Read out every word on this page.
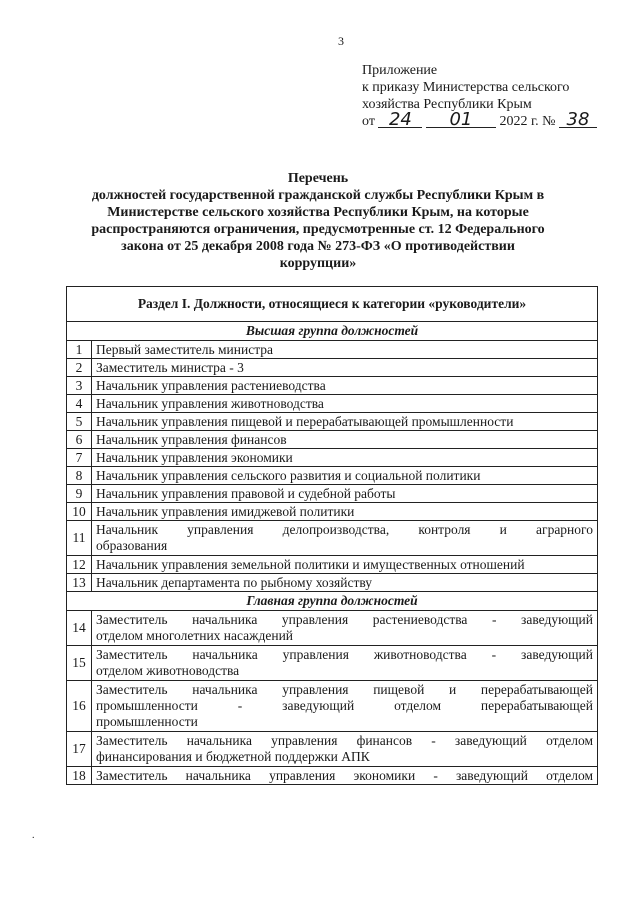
3
Приложение
к приказу Министерства сельского
хозяйства Республики Крым
от 24 01 2022 г. № 38
Перечень
должностей государственной гражданской службы Республики Крым в
Министерстве сельского хозяйства Республики Крым, на которые
распространяются ограничения, предусмотренные ст. 12 Федерального
закона от 25 декабря 2008 года № 273-ФЗ «О противодействии
коррупции»
Раздел I. Должности, относящиеся к категории «руководители»	
Высшая группа должностей	
1	Первый заместитель министра
2	Заместитель министра - 3
3	Начальник управления растениеводства
4	Начальник управления животноводства
5	Начальник управления пищевой и перерабатывающей промышленности
6	Начальник управления финансов
7	Начальник управления экономики
8	Начальник управления сельского развития и социальной политики
9	Начальник управления правовой и судебной работы
10	Начальник управления имиджевой политики
11	Начальник управления делопроизводства, контроля и аграрного
образования
12	Начальник управления земельной политики и имущественных отношений
13	Начальник департамента по рыбному хозяйству
Главная группа должностей	
14	Заместитель начальника управления растениеводства - заведующий
отделом многолетних насаждений
15	Заместитель начальника управления животноводства - заведующий
отделом животноводства
16	Заместитель начальника управления пищевой и перерабатывающей
промышленности - заведующий отделом перерабатывающей
промышленности
17	Заместитель начальника управления финансов - заведующий отделом
финансирования и бюджетной поддержки АПК
18	Заместитель начальника управления экономики - заведующий отделом
.
